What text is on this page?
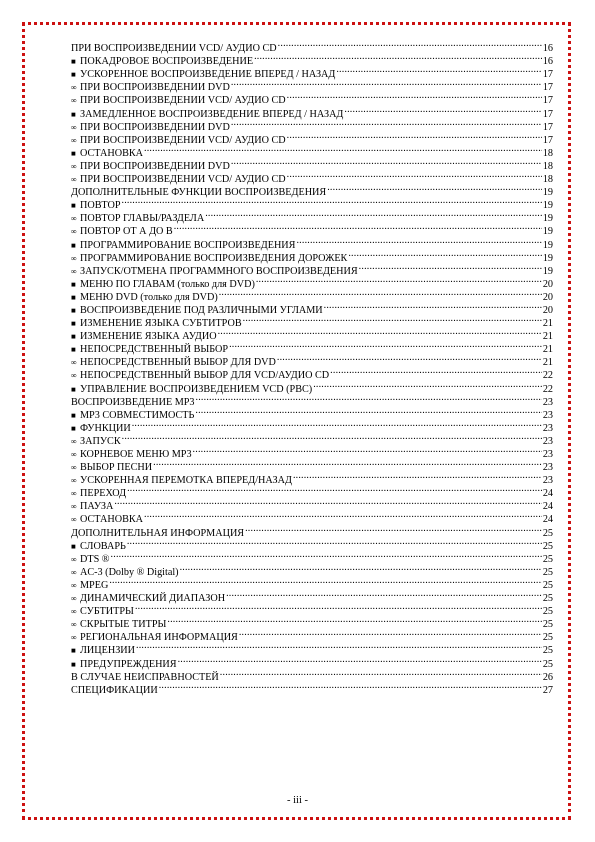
ПРИ ВОСПРОИЗВЕДЕНИИ VCD/ АУДИО CD .....	16
■ ПОКАДРОВОЕ ВОСПРОИЗВЕДЕНИЕ .....	16
■ УСКОРЕННОЕ ВОСПРОИЗВЕДЕНИЕ ВПЕРЕД / НАЗАД .....	17
∞ ПРИ ВОСПРОИЗВЕДЕНИИ DVD .....	17
∞ ПРИ ВОСПРОИЗВЕДЕНИИ VCD/ АУДИО CD .....	17
■ ЗАМЕДЛЕННОЕ ВОСПРОИЗВЕДЕНИЕ ВПЕРЕД / НАЗАД .....	17
∞ ПРИ ВОСПРОИЗВЕДЕНИИ DVD .....	17
∞ ПРИ ВОСПРОИЗВЕДЕНИИ VCD/ АУДИО CD .....	17
■ ОСТАНОВКА .....	18
∞ ПРИ ВОСПРОИЗВЕДЕНИИ DVD .....	18
∞ ПРИ ВОСПРОИЗВЕДЕНИИ VCD/ АУДИО CD .....	18
ДОПОЛНИТЕЛЬНЫЕ ФУНКЦИИ ВОСПРОИЗВЕДЕНИЯ .....	19
■ ПОВТОР .....	19
∞ ПОВТОР ГЛАВЫ/РАЗДЕЛА .....	19
∞ ПОВТОР ОТ А ДО В .....	19
■ ПРОГРАММИРОВАНИЕ ВОСПРОИЗВЕДЕНИЯ .....	19
∞ ПРОГРАММИРОВАНИЕ ВОСПРОИЗВЕДЕНИЯ ДОРОЖЕК .....	19
∞ ЗАПУСК/ОТМЕНА ПРОГРАММНОГО ВОСПРОИЗВЕДЕНИЯ .....	19
■ МЕНЮ ПО ГЛАВАМ (только для DVD) .....	20
■ МЕНЮ DVD (только для DVD) .....	20
■ ВОСПРОИЗВЕДЕНИЕ ПОД РАЗЛИЧНЫМИ УГЛАМИ .....	20
■ ИЗМЕНЕНИЕ ЯЗЫКА СУБТИТРОВ .....	21
■ ИЗМЕНЕНИЕ ЯЗЫКА АУДИО .....	21
■ НЕПОСРЕДСТВЕННЫЙ ВЫБОР .....	21
∞ НЕПОСРЕДСТВЕННЫЙ ВЫБОР ДЛЯ DVD .....	21
∞ НЕПОСРЕДСТВЕННЫЙ ВЫБОР ДЛЯ VCD/АУДИО CD .....	22
■ УПРАВЛЕНИЕ ВОСПРОИЗВЕДЕНИЕМ VCD (PBC) .....	22
ВОСПРОИЗВЕДЕНИЕ MP3 .....	23
■ MP3 СОВМЕСТИМОСТЬ .....	23
■ ФУНКЦИИ .....	23
∞ ЗАПУСК .....	23
∞ КОРНЕВОЕ МЕНЮ MP3 .....	23
∞ ВЫБОР ПЕСНИ .....	23
∞ УСКОРЕННАЯ ПЕРЕМОТКА ВПЕРЕД/НАЗАД .....	23
∞ ПЕРЕХОД .....	24
∞ ПАУЗА .....	24
∞ ОСТАНОВКА .....	24
ДОПОЛНИТЕЛЬНАЯ ИНФОРМАЦИЯ .....	25
■ СЛОВАРЬ .....	25
∞ DTS ® .....	25
∞ AC-3 (Dolby ® Digital) .....	25
∞ MPEG .....	25
∞ ДИНАМИЧЕСКИЙ ДИАПАЗОН .....	25
∞ СУБТИТРЫ .....	25
∞ СКРЫТЫЕ ТИТРЫ .....	25
∞ РЕГИОНАЛЬНАЯ ИНФОРМАЦИЯ .....	25
■ ЛИЦЕНЗИИ .....	25
■ ПРЕДУПРЕЖДЕНИЯ .....	25
В СЛУЧАЕ НЕИСПРАВНОСТЕЙ .....	26
СПЕЦИФИКАЦИИ .....	27
- iii -
